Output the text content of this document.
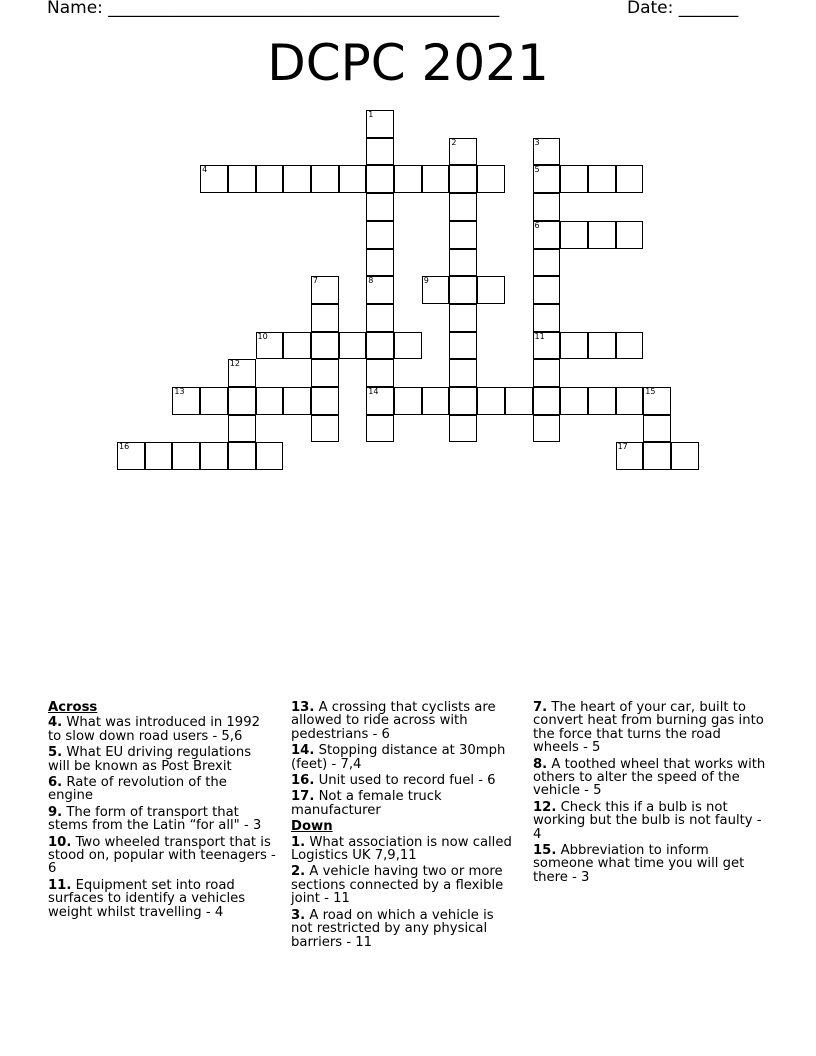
Name: ______________________________________________	Date: _______
DCPC 2021
1
8
14
2	3
5
6
11
4
7	9
10
12
13	15
16	17
Across
4. What was introduced in 1992 to slow down road users - 5,6
5. What EU driving regulations will be known as Post Brexit
6. Rate of revolution of the engine
9. The form of transport that stems from the Latin “for all" - 3
10. Two wheeled transport that is stood on, popular with teenagers - 6
11. Equipment set into road surfaces to identify a vehicles weight whilst travelling - 4
13. A crossing that cyclists are allowed to ride across with pedestrians - 6
14. Stopping distance at 30mph (feet) - 7,4
16. Unit used to record fuel - 6
17. Not a female truck manufacturer
Down
1. What association is now called Logistics UK 7,9,11
2. A vehicle having two or more sections connected by a flexible joint - 11
3. A road on which a vehicle is not restricted by any physical barriers - 11
7. The heart of your car, built to convert heat from burning gas into the force that turns the road wheels - 5
8. A toothed wheel that works with others to alter the speed of the vehicle - 5
12. Check this if a bulb is not working but the bulb is not faulty - 4
15. Abbreviation to inform someone what time you will get there - 3
